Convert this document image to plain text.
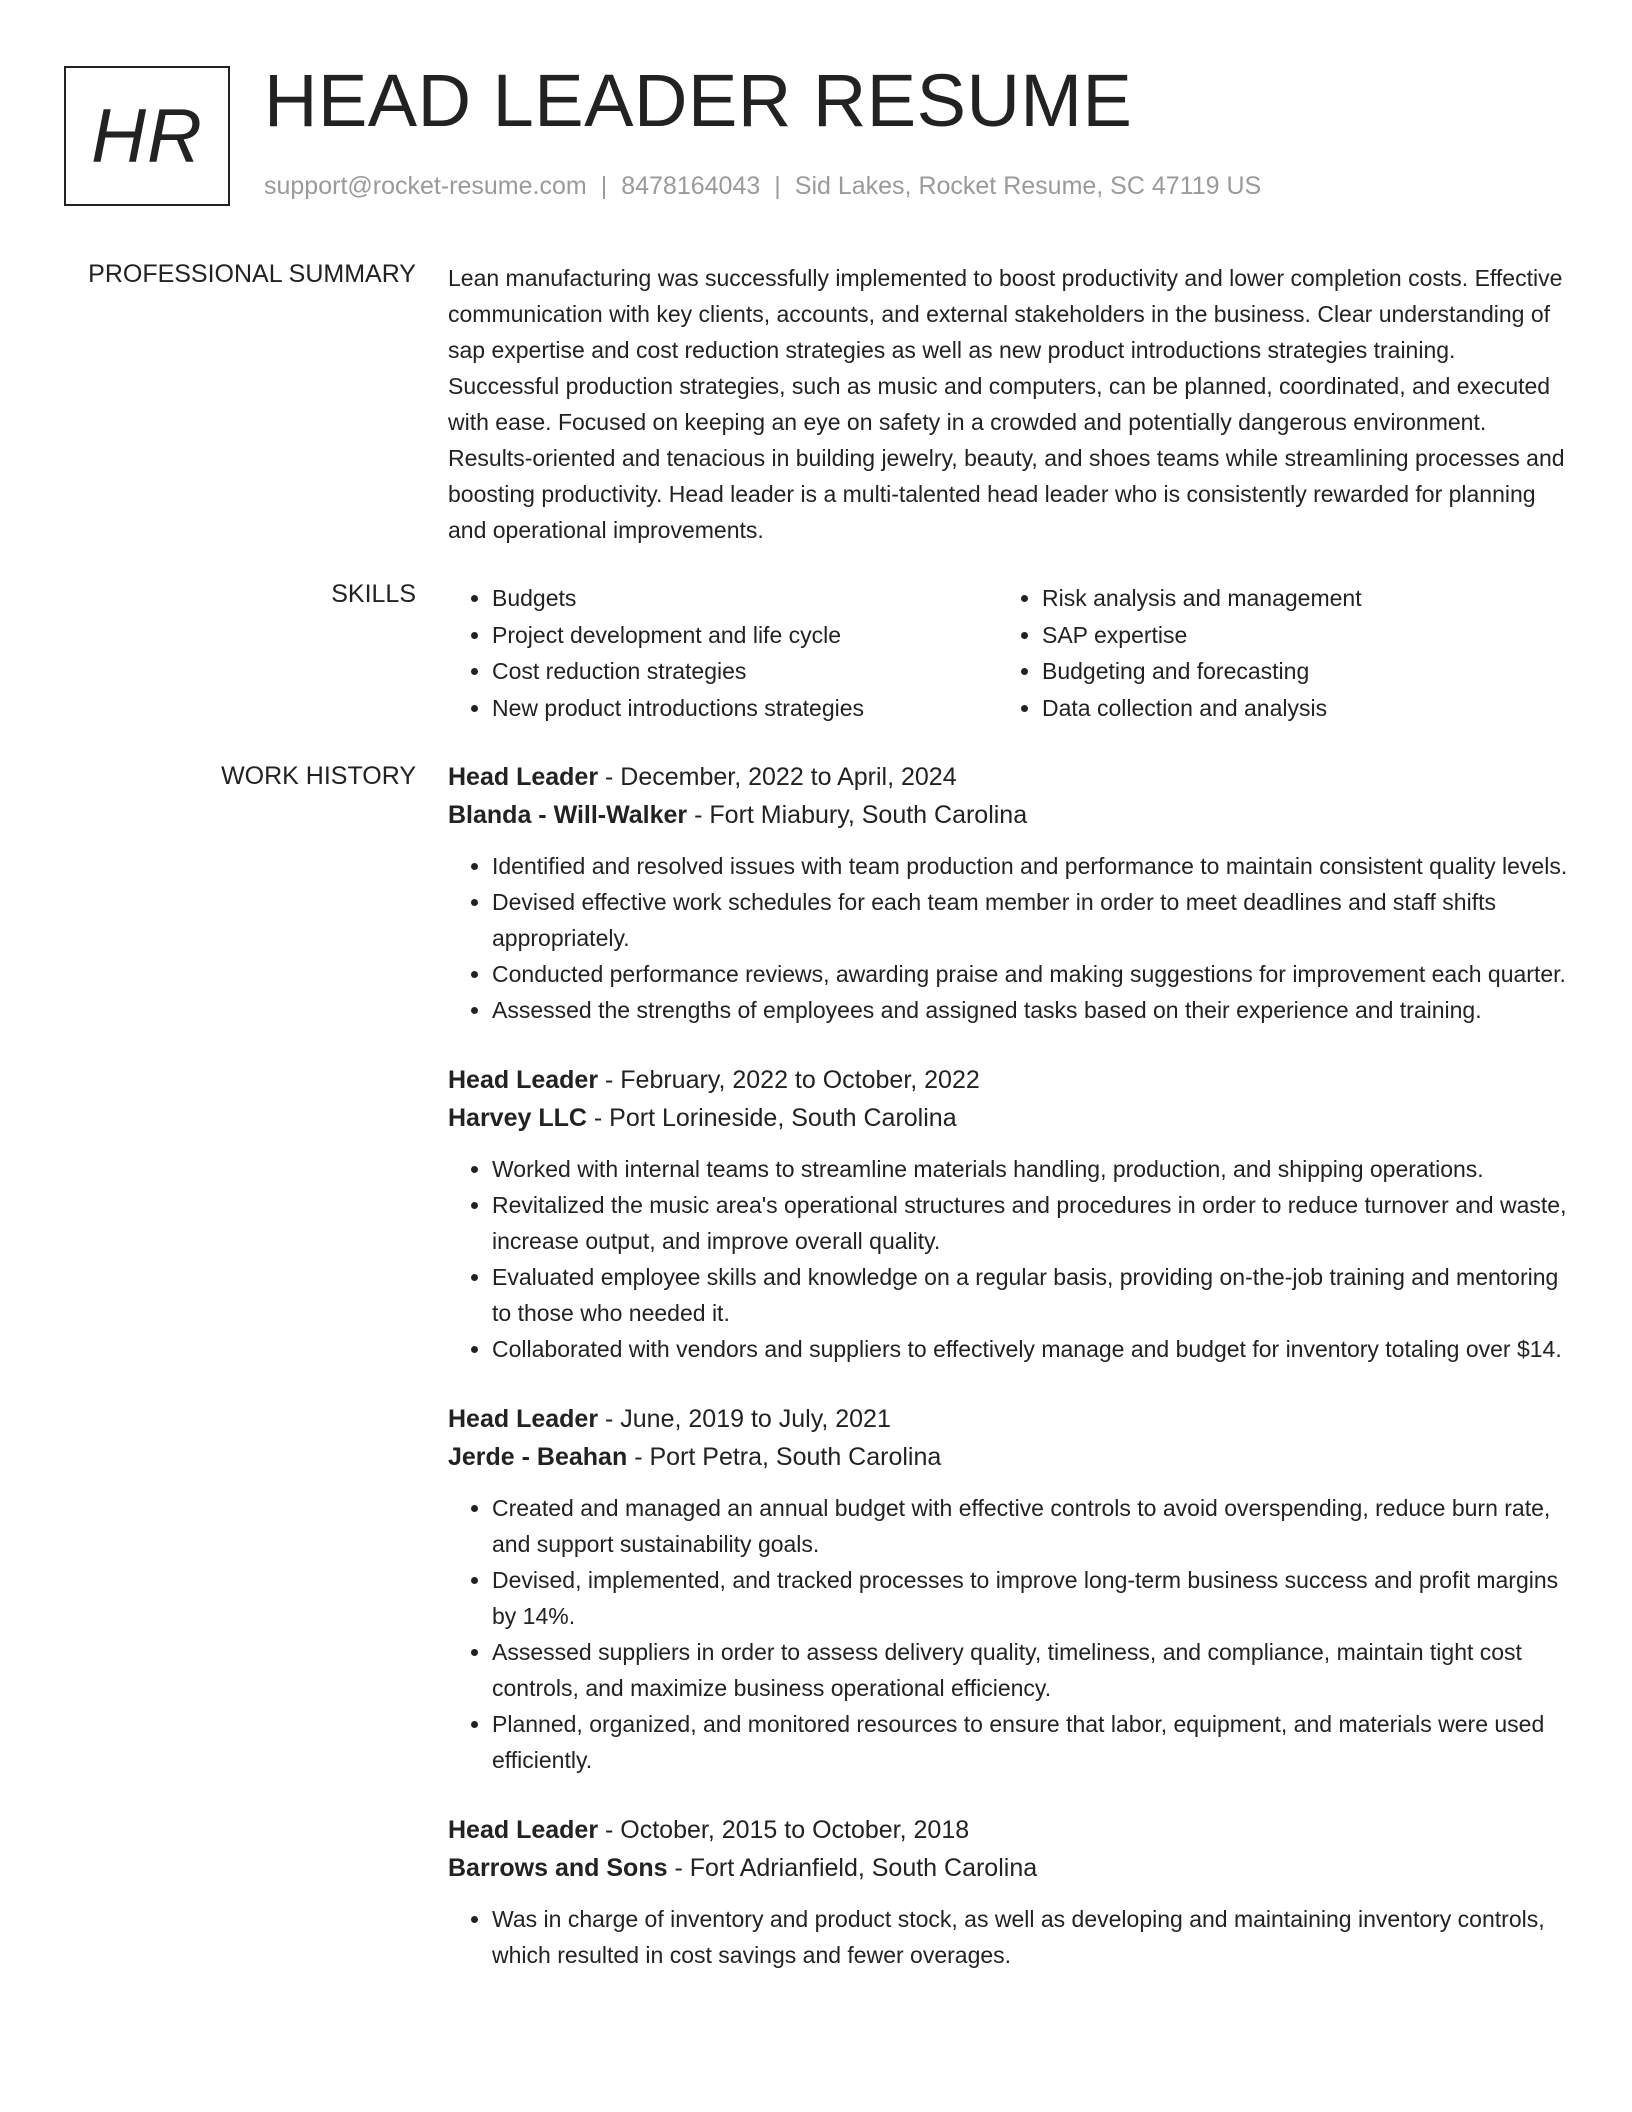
HR HEAD LEADER RESUME
support@rocket-resume.com | 8478164043 | Sid Lakes, Rocket Resume, SC 47119 US
PROFESSIONAL SUMMARY Lean manufacturing was successfully implemented to boost productivity and lower completion costs. Effective communication with key clients, accounts, and external stakeholders in the business. Clear understanding of sap expertise and cost reduction strategies as well as new product introductions strategies training. Successful production strategies, such as music and computers, can be planned, coordinated, and executed with ease. Focused on keeping an eye on safety in a crowded and potentially dangerous environment. Results-oriented and tenacious in building jewelry, beauty, and shoes teams while streamlining processes and boosting productivity. Head leader is a multi-talented head leader who is consistently rewarded for planning and operational improvements.

SKILLS
•	Budgets
• Project development and life cycle
• Cost reduction strategies
• New product introductions strategies
• Risk analysis and management
• SAP expertise
• Budgeting and forecasting
• Data collection and analysis
WORK HISTORY Head Leader - December, 2022 to April, 2024
Blanda - Will-Walker - Fort Miabury, South Carolina
• Identified and resolved issues with team production and performance to maintain consistent quality levels.
• Devised effective work schedules for each team member in order to meet deadlines and staff shifts appropriately.
• Conducted performance reviews, awarding praise and making suggestions for improvement each quarter.
• Assessed the strengths of employees and assigned tasks based on their experience and training.
Head Leader - February, 2022 to October, 2022
Harvey LLC - Port Lorineside, South Carolina
• Worked with internal teams to streamline materials handling, production, and shipping operations.
• Revitalized the music area's operational structures and procedures in order to reduce turnover and waste, increase output, and improve overall quality.
• Evaluated employee skills and knowledge on a regular basis, providing on-the-job training and mentoring to those who needed it.
• Collaborated with vendors and suppliers to effectively manage and budget for inventory totaling over $14.
Head Leader - June, 2019 to July, 2021
Jerde - Beahan - Port Petra, South Carolina
• Created and managed an annual budget with effective controls to avoid overspending, reduce burn rate, and support sustainability goals.
• Devised, implemented, and tracked processes to improve long-term business success and profit margins by 14%.
• Assessed suppliers in order to assess delivery quality, timeliness, and compliance, maintain tight cost controls, and maximize business operational efficiency.
• Planned, organized, and monitored resources to ensure that labor, equipment, and materials were used efficiently.
Head Leader - October, 2015 to October, 2018
Barrows and Sons - Fort Adrianfield, South Carolina
• Was in charge of inventory and product stock, as well as developing and maintaining inventory controls, which resulted in cost savings and fewer overages.
